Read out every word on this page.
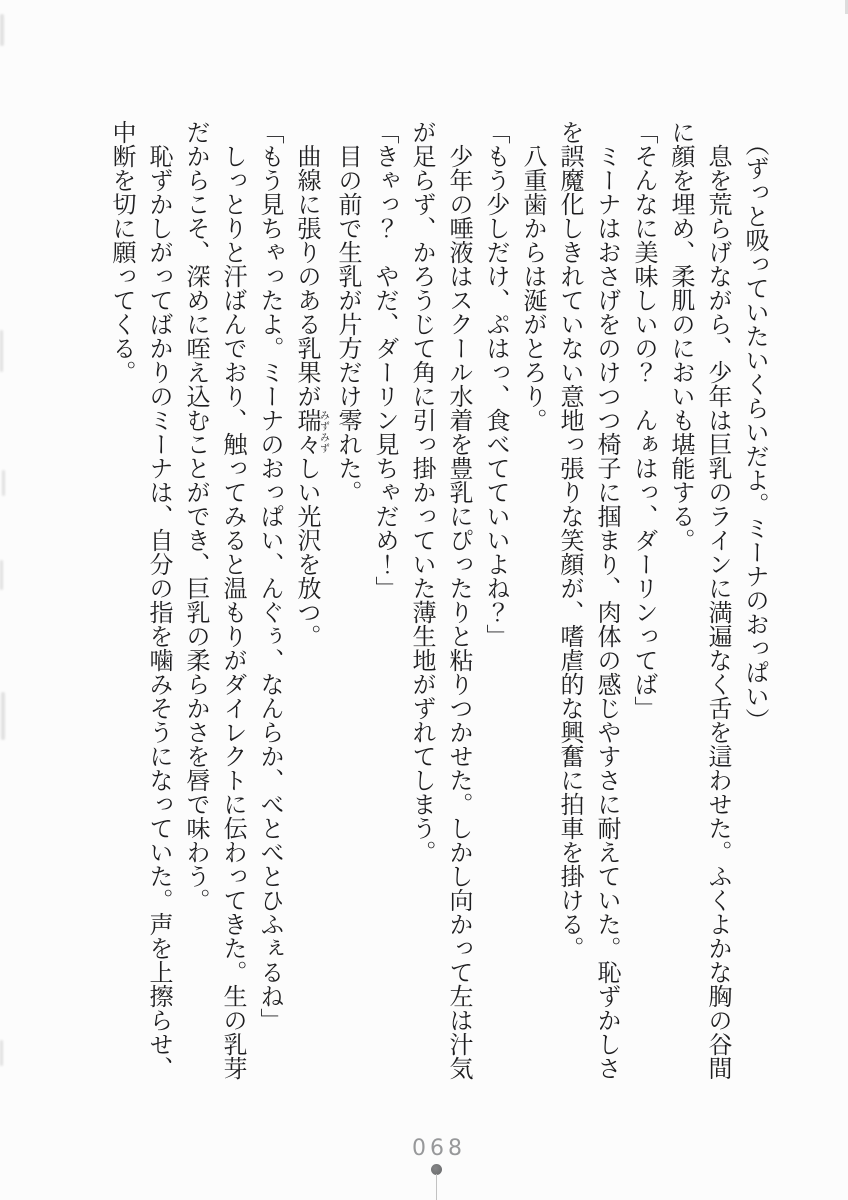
（ずっと吸っていたいくらいだよ。ミーナのおっぱい）

息を荒らげながら、少年は巨乳のラインに満遍なく舌を這わせた。ふくよかな胸の谷間に顔を埋め、柔肌のにおいも堪能する。

「そんなに美味しいの？　んぁはっ、ダーリンってば」

ミーナはおさげをのけつつ椅子に掴まり、肉体の感じやすさに耐えていた。恥ずかしさを誤魔化しきれていない意地っ張りな笑顔が、嗜虐的な興奮に拍車を掛ける。

八重歯からは涎がとろり。

「もう少しだけ、ぷはっ、食べてていいよね？」

少年の唾液はスクール水着を豊乳にぴったりと粘りつかせた。しかし向かって左は汁気が足らず、かろうじて角に引っ掛かっていた薄生地がずれてしまう。

「きゃっ？　やだ、ダーリン見ちゃだめ！」

目の前で生乳が片方だけ零れた。

曲線に張りのある乳果が瑞々みずみずしい光沢を放つ。

「もう見ちゃったよ。ミーナのおっぱい、んぐぅ、なんらか、べとべとひふぇるね」

しっとりと汗ばんでおり、触ってみると温もりがダイレクトに伝わってきた。生の乳芽だからこそ、深めに咥え込むことができ、巨乳の柔らかさを唇で味わう。

恥ずかしがってばかりのミーナは、自分の指を噛みそうになっていた。声を上擦らせ、中断を切に願ってくる。

068
